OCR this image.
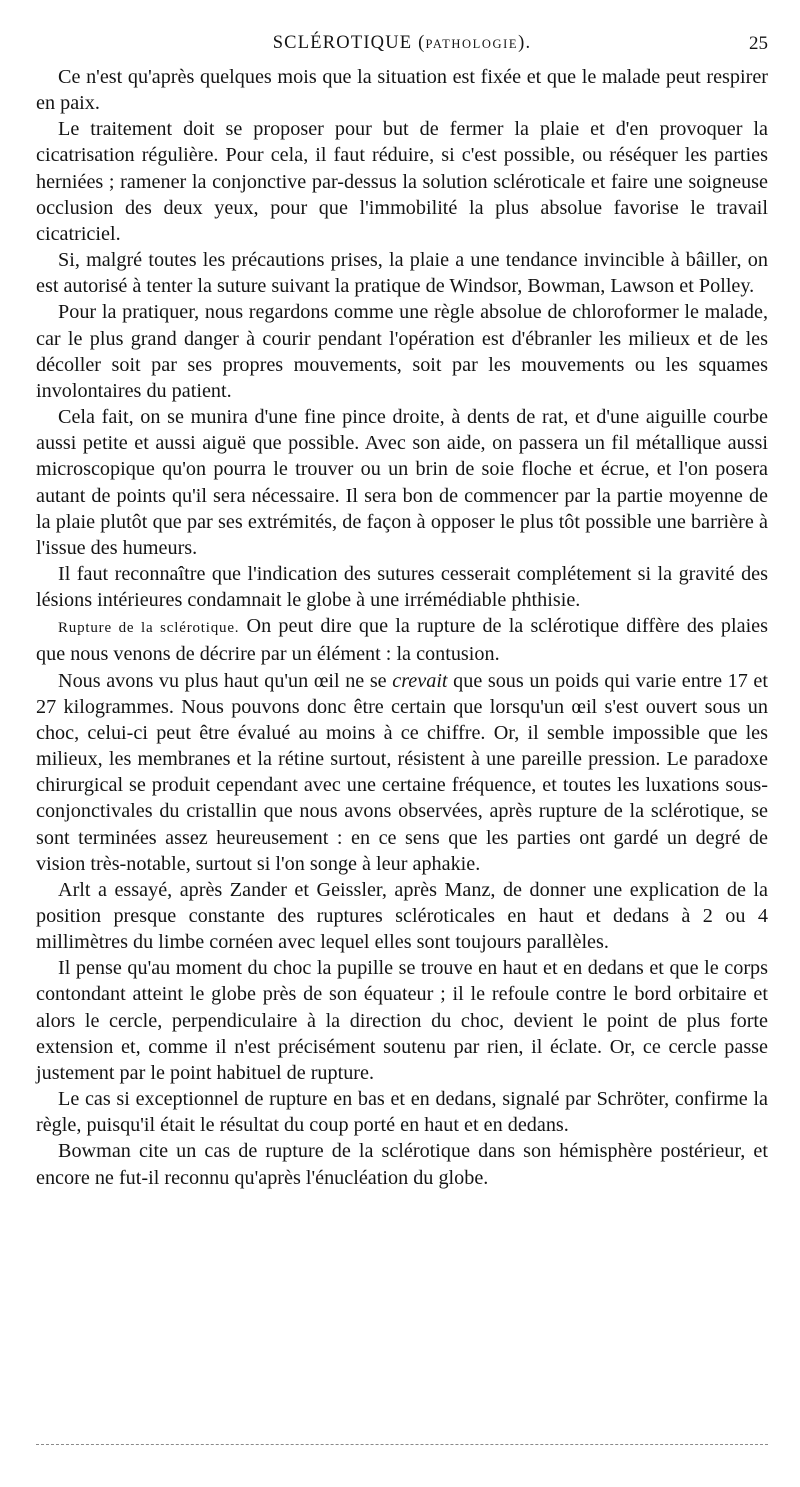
SCLÉROTIQUE (PATHOLOGIE).	25

Ce n'est qu'après quelques mois que la situation est fixée et que le malade peut respirer en paix.

Le traitement doit se proposer pour but de fermer la plaie et d'en provoquer la cicatrisation régulière. Pour cela, il faut réduire, si c'est possible, ou réséquer les parties herniées ; ramener la conjonctive par-dessus la solution scléroticale et faire une soigneuse occlusion des deux yeux, pour que l'immobilité la plus absolue favorise le travail cicatriciel.

Si, malgré toutes les précautions prises, la plaie a une tendance invincible à bâiller, on est autorisé à tenter la suture suivant la pratique de Windsor, Bowman, Lawson et Polley.

Pour la pratiquer, nous regardons comme une règle absolue de chloroformer le malade, car le plus grand danger à courir pendant l'opération est d'ébranler les milieux et de les décoller soit par ses propres mouvements, soit par les mouvements ou les squames involontaires du patient.

Cela fait, on se munira d'une fine pince droite, à dents de rat, et d'une aiguille courbe aussi petite et aussi aiguë que possible. Avec son aide, on passera un fil métallique aussi microscopique qu'on pourra le trouver ou un brin de soie floche et écrue, et l'on posera autant de points qu'il sera nécessaire. Il sera bon de commencer par la partie moyenne de la plaie plutôt que par ses extrémités, de façon à opposer le plus tôt possible une barrière à l'issue des humeurs.

Il faut reconnaître que l'indication des sutures cesserait complétement si la gravité des lésions intérieures condamnait le globe à une irrémédiable phthisie.

Rupture de la sclérotique. On peut dire que la rupture de la sclérotique diffère des plaies que nous venons de décrire par un élément : la contusion.

Nous avons vu plus haut qu'un œil ne se crevait que sous un poids qui varie entre 17 et 27 kilogrammes. Nous pouvons donc être certain que lorsqu'un œil s'est ouvert sous un choc, celui-ci peut être évalué au moins à ce chiffre. Or, il semble impossible que les milieux, les membranes et la rétine surtout, résistent à une pareille pression. Le paradoxe chirurgical se produit cependant avec une certaine fréquence, et toutes les luxations sous-conjonctivales du cristallin que nous avons observées, après rupture de la sclérotique, se sont terminées assez heureusement : en ce sens que les parties ont gardé un degré de vision très-notable, surtout si l'on songe à leur aphakie.

Arlt a essayé, après Zander et Geissler, après Manz, de donner une explication de la position presque constante des ruptures scléroticales en haut et dedans à 2 ou 4 millimètres du limbe cornéen avec lequel elles sont toujours parallèles.

Il pense qu'au moment du choc la pupille se trouve en haut et en dedans et que le corps contondant atteint le globe près de son équateur ; il le refoule contre le bord orbitaire et alors le cercle, perpendiculaire à la direction du choc, devient le point de plus forte extension et, comme il n'est précisément soutenu par rien, il éclate. Or, ce cercle passe justement par le point habituel de rupture.

Le cas si exceptionnel de rupture en bas et en dedans, signalé par Schröter, confirme la règle, puisqu'il était le résultat du coup porté en haut et en dedans.

Bowman cite un cas de rupture de la sclérotique dans son hémisphère postérieur, et encore ne fut-il reconnu qu'après l'énucléation du globe.
